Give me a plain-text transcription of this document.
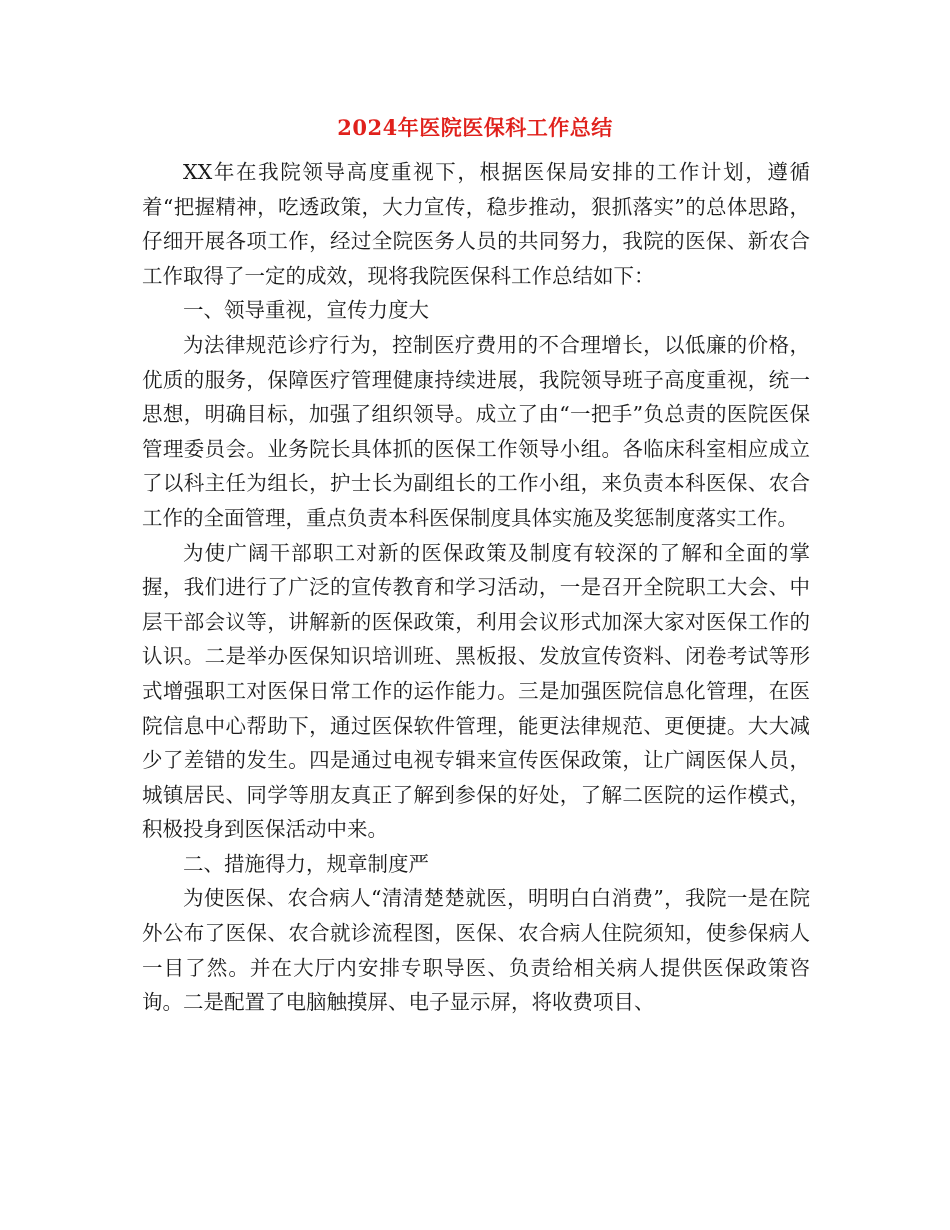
2024年医院医保科工作总结

XX年在我院领导高度重视下，根据医保局安排的工作计划，遵循着“把握精神，吃透政策，大力宣传，稳步推动，狠抓落实”的总体思路，仔细开展各项工作，经过全院医务人员的共同努力，我院的医保、新农合工作取得了一定的成效，现将我院医保科工作总结如下：

一、领导重视，宣传力度大

为法律规范诊疗行为，控制医疗费用的不合理增长，以低廉的价格，优质的服务，保障医疗管理健康持续进展，我院领导班子高度重视，统一思想，明确目标，加强了组织领导。成立了由“一把手”负总责的医院医保管理委员会。业务院长具体抓的医保工作领导小组。各临床科室相应成立了以科主任为组长，护士长为副组长的工作小组，来负责本科医保、农合工作的全面管理，重点负责本科医保制度具体实施及奖惩制度落实工作。

为使广阔干部职工对新的医保政策及制度有较深的了解和全面的掌握，我们进行了广泛的宣传教育和学习活动，一是召开全院职工大会、中层干部会议等，讲解新的医保政策，利用会议形式加深大家对医保工作的认识。二是举办医保知识培训班、黑板报、发放宣传资料、闭卷考试等形式增强职工对医保日常工作的运作能力。三是加强医院信息化管理，在医院信息中心帮助下，通过医保软件管理，能更法律规范、更便捷。大大减少了差错的发生。四是通过电视专辑来宣传医保政策，让广阔医保人员，城镇居民、同学等朋友真正了解到参保的好处，了解二医院的运作模式，积极投身到医保活动中来。

二、措施得力，规章制度严

为使医保、农合病人“清清楚楚就医，明明白白消费”，我院一是在院外公布了医保、农合就诊流程图，医保、农合病人住院须知，使参保病人一目了然。并在大厅内安排专职导医、负责给相关病人提供医保政策咨询。二是配置了电脑触摸屏、电子显示屏，将收费项目、
